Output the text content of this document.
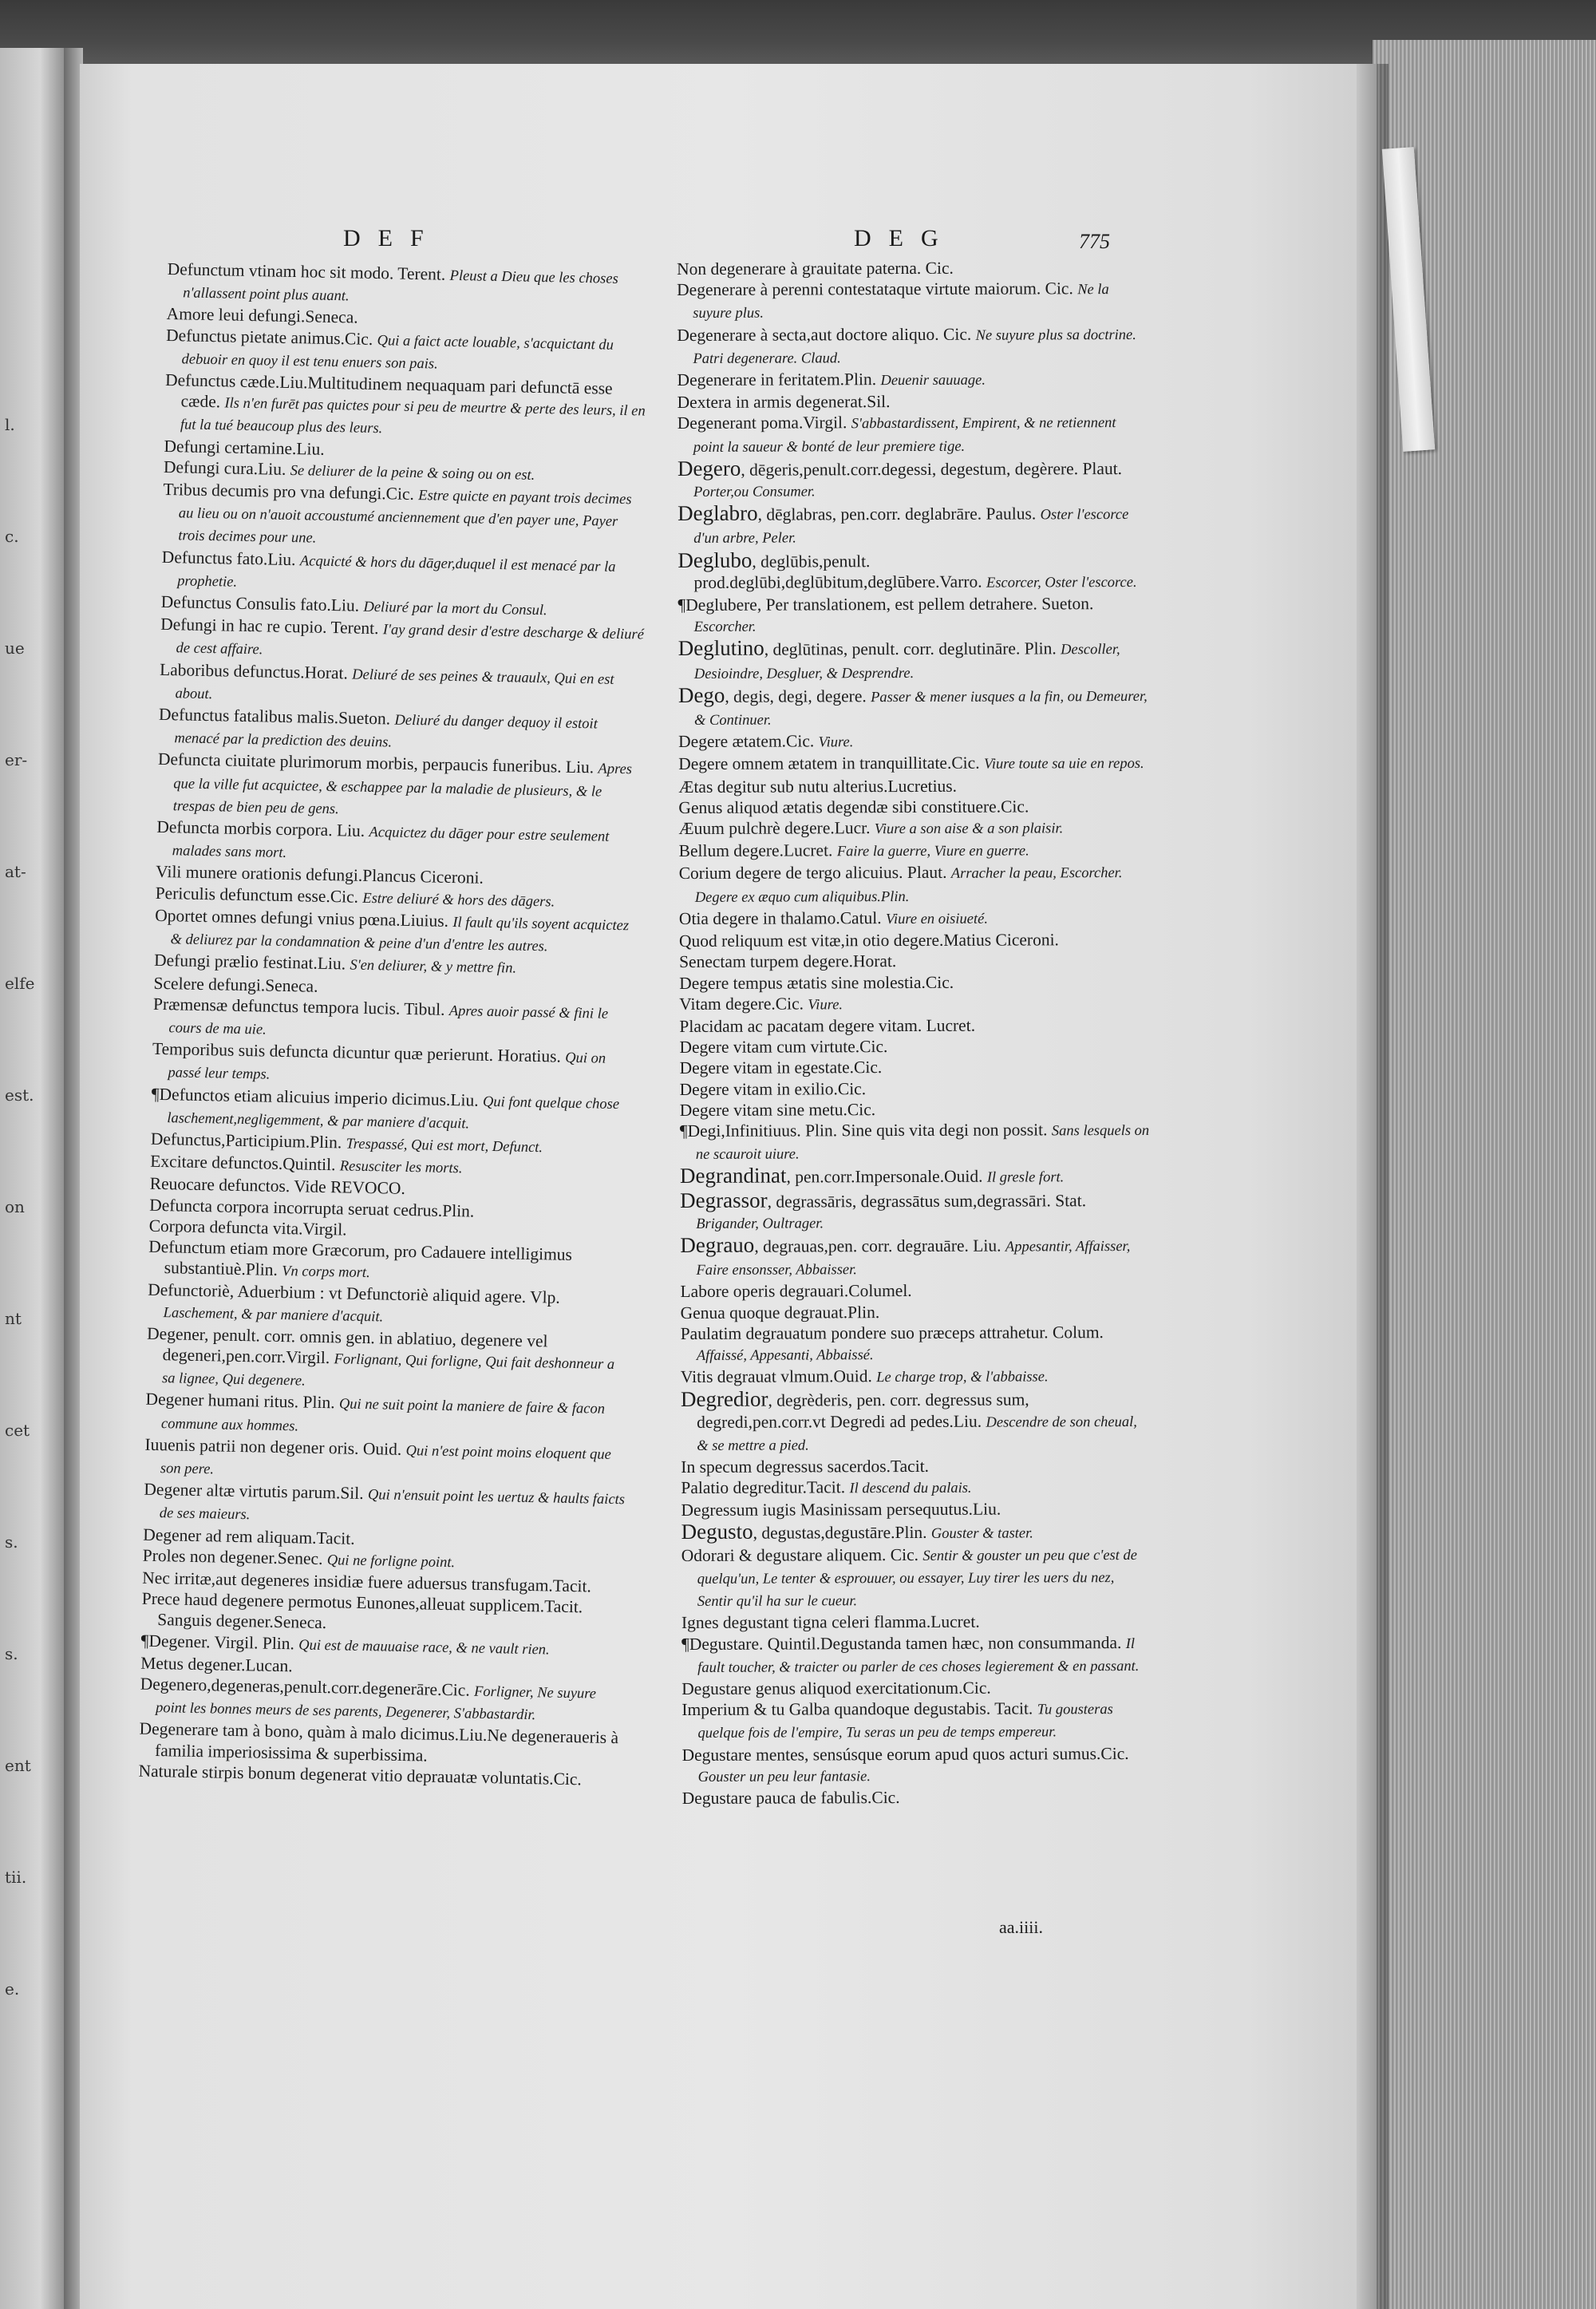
l.
c.
ue
er-
at-
elfe
est.
on
nt
cet
s.
s.
ent
tii.
e.
DEF	DEG	775

Defunctum vtinam hoc sit modo. Terent. Pleust a Dieu que les choses n'allassent point plus auant.

Amore leui defungi.Seneca.

Defunctus pietate animus.Cic. Qui a faict acte louable, s'acquictant du debuoir en quoy il est tenu enuers son pais.

Defunctus cæde.Liu.Multitudinem nequaquam pari defunctā esse cæde. Ils n'en furēt pas quictes pour si peu de meurtre & perte des leurs, il en fut la tué beaucoup plus des leurs.

Defungi certamine.Liu.

Defungi cura.Liu. Se deliurer de la peine & soing ou on est.

Tribus decumis pro vna defungi.Cic. Estre quicte en payant trois decimes au lieu ou on n'auoit accoustumé anciennement que d'en payer une, Payer trois decimes pour une.

Defunctus fato.Liu. Acquicté & hors du dāger,duquel il est menacé par la prophetie.

Defunctus Consulis fato.Liu. Deliuré par la mort du Consul.

Defungi in hac re cupio. Terent. I'ay grand desir d'estre descharge & deliuré de cest affaire.

Laboribus defunctus.Horat. Deliuré de ses peines & trauaulx, Qui en est about.

Defunctus fatalibus malis.Sueton. Deliuré du danger dequoy il estoit menacé par la prediction des deuins.

Defuncta ciuitate plurimorum morbis, perpaucis funeribus. Liu. Apres que la ville fut acquictee, & eschappee par la maladie de plusieurs, & le trespas de bien peu de gens.

Defuncta morbis corpora. Liu. Acquictez du dāger pour estre seulement malades sans mort.

Vili munere orationis defungi.Plancus Ciceroni.

Periculis defunctum esse.Cic. Estre deliuré & hors des dāgers.

Oportet omnes defungi vnius pœna.Liuius. Il fault qu'ils soyent acquictez & deliurez par la condamnation & peine d'un d'entre les autres.

Defungi prælio festinat.Liu. S'en deliurer, & y mettre fin.

Scelere defungi.Seneca.

Præmensæ defunctus tempora lucis. Tibul. Apres auoir passé & fini le cours de ma uie.

Temporibus suis defuncta dicuntur quæ perierunt. Horatius. Qui on passé leur temps.

¶Defunctos etiam alicuius imperio dicimus.Liu. Qui font quelque chose laschement,negligemment, & par maniere d'acquit.

Defunctus,Participium.Plin. Trespassé, Qui est mort, Defunct.

Excitare defunctos.Quintil. Resusciter les morts.

Reuocare defunctos. Vide REVOCO.

Defuncta corpora incorrupta seruat cedrus.Plin.

Corpora defuncta vita.Virgil.

Defunctum etiam more Græcorum, pro Cadauere intelligimus substantiuè.Plin. Vn corps mort.

Defunctoriè, Aduerbium : vt Defunctoriè aliquid agere. Vlp. Laschement, & par maniere d'acquit.

Degener, penult. corr. omnis gen. in ablatiuo, degenere vel degeneri,pen.corr.Virgil. Forlignant, Qui forligne, Qui fait deshonneur a sa lignee, Qui degenere.

Degener humani ritus. Plin. Qui ne suit point la maniere de faire & facon commune aux hommes.

Iuuenis patrii non degener oris. Ouid. Qui n'est point moins eloquent que son pere.

Degener altæ virtutis parum.Sil. Qui n'ensuit point les uertuz & haults faicts de ses maieurs.

Degener ad rem aliquam.Tacit.

Proles non degener.Senec. Qui ne forligne point.

Nec irritæ,aut degeneres insidiæ fuere aduersus transfugam.Tacit.

Prece haud degenere permotus Eunones,alleuat supplicem.Tacit. Sanguis degener.Seneca.

¶Degener. Virgil. Plin. Qui est de mauuaise race, & ne vault rien.

Metus degener.Lucan.

Degenero,degeneras,penult.corr.degenerāre.Cic. Forligner, Ne suyure point les bonnes meurs de ses parents, Degenerer, S'abbastardir.

Degenerare tam à bono, quàm à malo dicimus.Liu.Ne degeneraueris à familia imperiosissima & superbissima.

Naturale stirpis bonum degenerat vitio deprauatæ voluntatis.Cic.

Non degenerare à grauitate paterna. Cic.

Degenerare à perenni contestataque virtute maiorum. Cic. Ne la suyure plus.

Degenerare à secta,aut doctore aliquo. Cic. Ne suyure plus sa doctrine. Patri degenerare. Claud.

Degenerare in feritatem.Plin. Deuenir sauuage.

Dextera in armis degenerat.Sil.

Degenerant poma.Virgil. S'abbastardissent, Empirent, & ne retiennent point la saueur & bonté de leur premiere tige.

Degero, dēgeris,penult.corr.degessi, degestum, degèrere. Plaut. Porter,ou Consumer.

Deglabro, dēglabras, pen.corr. deglabrāre. Paulus. Oster l'escorce d'un arbre, Peler.

Deglubo, deglūbis,penult. prod.deglūbi,deglūbitum,deglūbere.Varro. Escorcer, Oster l'escorce.

¶Deglubere, Per translationem, est pellem detrahere. Sueton. Escorcher.

Deglutino, deglūtinas, penult. corr. deglutināre. Plin. Descoller, Desioindre, Desgluer, & Desprendre.

Dego, degis, degi, degere. Passer & mener iusques a la fin, ou Demeurer, & Continuer.

Degere ætatem.Cic. Viure.

Degere omnem ætatem in tranquillitate.Cic. Viure toute sa uie en repos.

Ætas degitur sub nutu alterius.Lucretius.

Genus aliquod ætatis degendæ sibi constituere.Cic.

Æuum pulchrè degere.Lucr. Viure a son aise & a son plaisir.

Bellum degere.Lucret. Faire la guerre, Viure en guerre.

Corium degere de tergo alicuius. Plaut. Arracher la peau, Escorcher. Degere ex æquo cum aliquibus.Plin.

Otia degere in thalamo.Catul. Viure en oisiueté.

Quod reliquum est vitæ,in otio degere.Matius Ciceroni.

Senectam turpem degere.Horat.

Degere tempus ætatis sine molestia.Cic.

Vitam degere.Cic. Viure.

Placidam ac pacatam degere vitam. Lucret.

Degere vitam cum virtute.Cic.

Degere vitam in egestate.Cic.

Degere vitam in exilio.Cic.

Degere vitam sine metu.Cic.

¶Degi,Infinitiuus. Plin. Sine quis vita degi non possit. Sans lesquels on ne scauroit uiure.

Degrandinat, pen.corr.Impersonale.Ouid. Il gresle fort.

Degrassor, degrassāris, degrassātus sum,degrassāri. Stat. Brigander, Oultrager.

Degrauo, degrauas,pen. corr. degrauāre. Liu. Appesantir, Affaisser, Faire ensonsser, Abbaisser.

Labore operis degrauari.Columel.

Genua quoque degrauat.Plin.

Paulatim degrauatum pondere suo præceps attrahetur. Colum. Affaissé, Appesanti, Abbaissé.

Vitis degrauat vlmum.Ouid. Le charge trop, & l'abbaisse.

Degredior, degrèderis, pen. corr. degressus sum, degredi,pen.corr.vt Degredi ad pedes.Liu. Descendre de son cheual, & se mettre a pied.

In specum degressus sacerdos.Tacit.

Palatio degreditur.Tacit. Il descend du palais.

Degressum iugis Masinissam persequutus.Liu.

Degusto, degustas,degustāre.Plin. Gouster & taster.

Odorari & degustare aliquem. Cic. Sentir & gouster un peu que c'est de quelqu'un, Le tenter & esprouuer, ou essayer, Luy tirer les uers du nez, Sentir qu'il ha sur le cueur.

Ignes degustant tigna celeri flamma.Lucret.

¶Degustare. Quintil.Degustanda tamen hæc, non consummanda. Il fault toucher, & traicter ou parler de ces choses legierement & en passant.

Degustare genus aliquod exercitationum.Cic.

Imperium & tu Galba quandoque degustabis. Tacit. Tu gousteras quelque fois de l'empire, Tu seras un peu de temps empereur.

Degustare mentes, sensúsque eorum apud quos acturi sumus.Cic. Gouster un peu leur fantasie.

Degustare pauca de fabulis.Cic.

aa.iiii.
